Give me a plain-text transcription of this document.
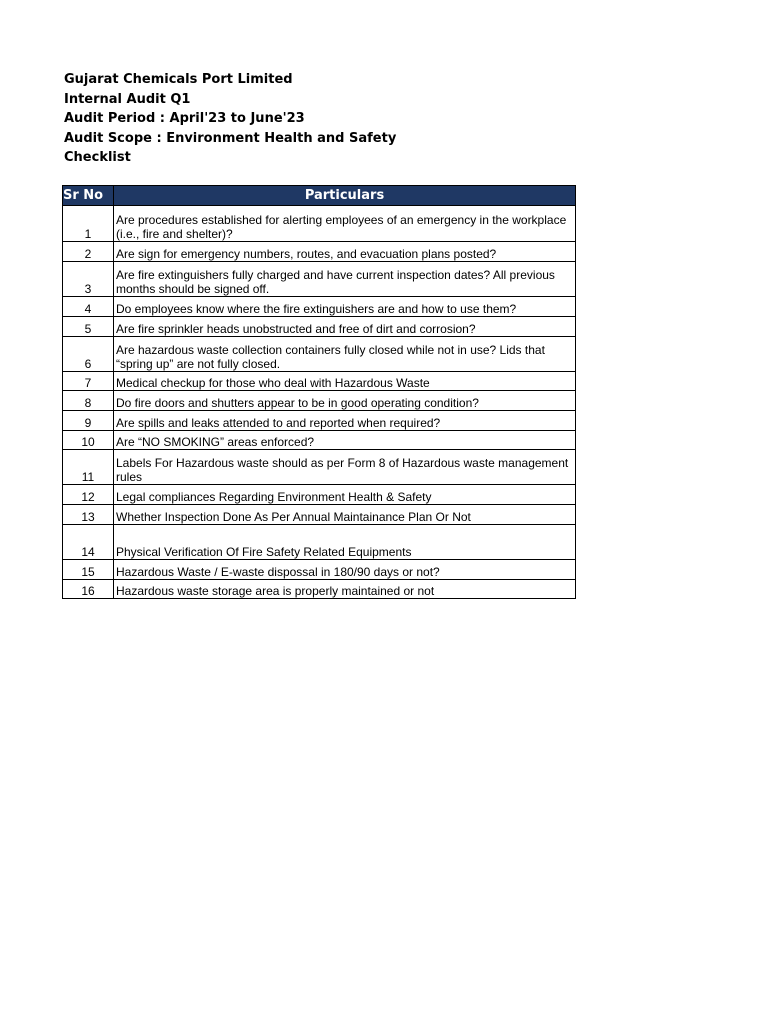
Gujarat Chemicals Port Limited
Internal Audit Q1
Audit Period : April'23 to June'23
Audit Scope : Environment Health and Safety
Checklist
Sr No	Particulars
1	Are procedures established for alerting employees of an emergency in the workplace (i.e., fire and shelter)?
2	Are sign for emergency numbers, routes, and evacuation plans posted?
3	Are fire extinguishers fully charged and have current inspection dates? All previous months should be signed off.
4	Do employees know where the fire extinguishers are and how to use them?
5	Are fire sprinkler heads unobstructed and free of dirt and corrosion?
6	Are hazardous waste collection containers fully closed while not in use? Lids that “spring up” are not fully closed.
7	Medical checkup for those who deal with Hazardous Waste
8	Do fire doors and shutters appear to be in good operating condition?
9	Are spills and leaks attended to and reported when required?
10	Are “NO SMOKING” areas enforced?
11	Labels For Hazardous waste should as per Form 8 of Hazardous waste management rules
12	Legal compliances Regarding Environment Health & Safety
13	Whether Inspection Done As Per Annual Maintainance Plan Or Not
14	Physical Verification Of Fire Safety Related Equipments
15	Hazardous Waste / E-waste dispossal in 180/90 days or not?
16	Hazardous waste storage area is properly maintained or not
